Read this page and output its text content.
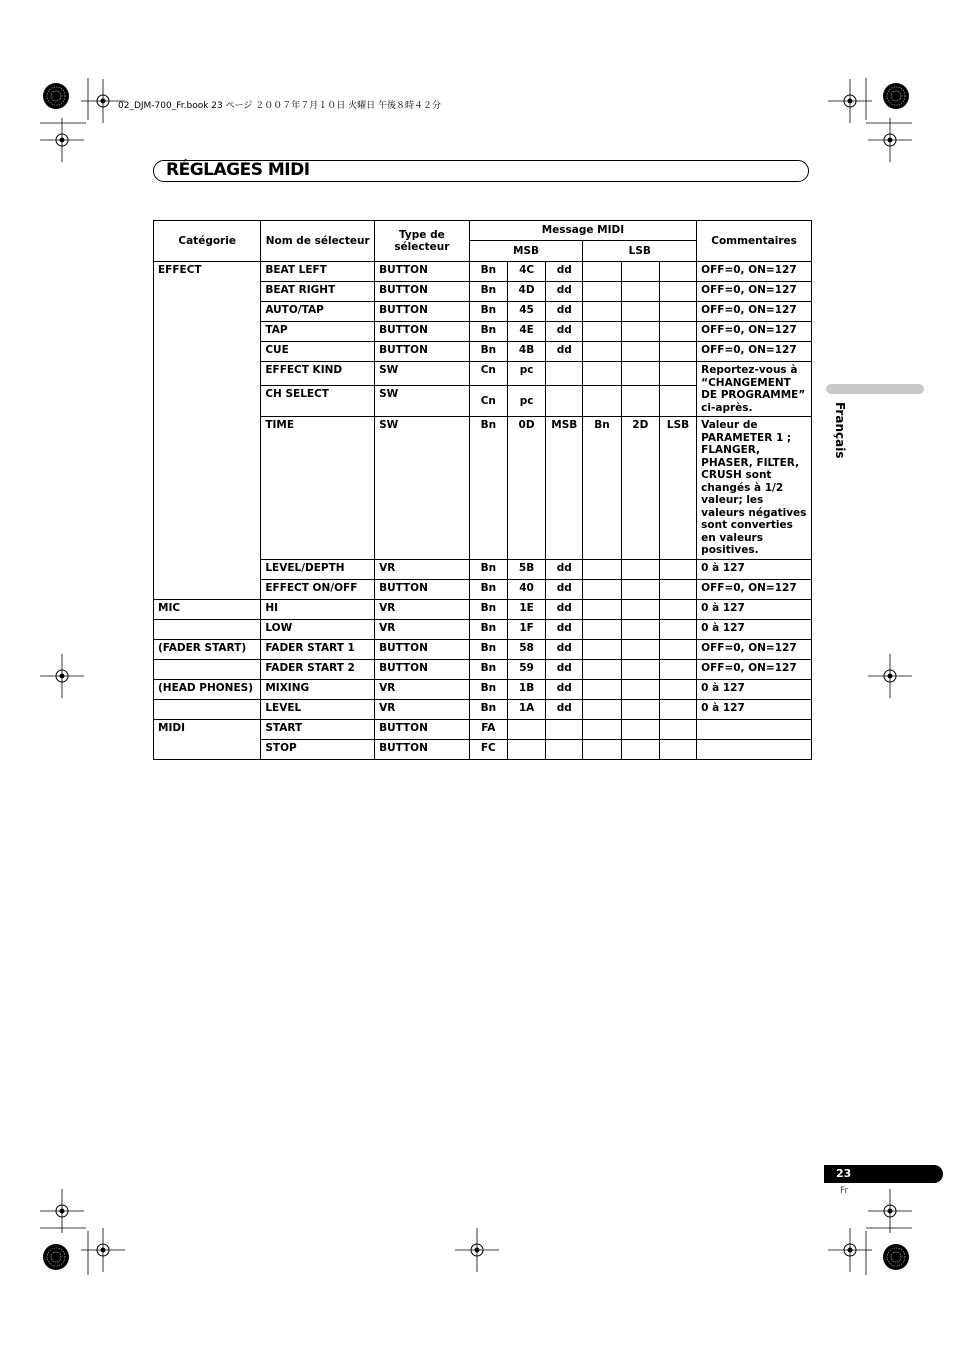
02_DJM-700_Fr.book 23 ページ ２００７年７月１０日 火曜日 午後８時４２分
RÉGLAGES MIDI
Français
Catégorie	Nom de sélecteur	Type de sélecteur	Message MIDI						Commentaires
			MSB			LSB			
EFFECT	BEAT LEFT	BUTTON	Bn	4C	dd				OFF=0, ON=127
	BEAT RIGHT	BUTTON	Bn	4D	dd				OFF=0, ON=127
	AUTO/TAP	BUTTON	Bn	45	dd				OFF=0, ON=127
	TAP	BUTTON	Bn	4E	dd				OFF=0, ON=127
	CUE	BUTTON	Bn	4B	dd				OFF=0, ON=127
	EFFECT KIND	SW	Cn	pc					Reportez-vous à “CHANGEMENT DE PROGRAMME” ci-après.
	CH SELECT	SW	Cn	pc					
	TIME	SW	Bn	0D	MSB	Bn	2D	LSB	Valeur de PARAMETER 1 ; FLANGER, PHASER, FILTER, CRUSH sont changés à 1/2 valeur; les valeurs négatives sont converties en valeurs positives.
	LEVEL/DEPTH	VR	Bn	5B	dd				0 à 127
	EFFECT ON/OFF	BUTTON	Bn	40	dd				OFF=0, ON=127
MIC	HI	VR	Bn	1E	dd				0 à 127
	LOW	VR	Bn	1F	dd				0 à 127
(FADER START)	FADER START 1	BUTTON	Bn	58	dd				OFF=0, ON=127
	FADER START 2	BUTTON	Bn	59	dd				OFF=0, ON=127
(HEAD PHONES)	MIXING	VR	Bn	1B	dd				0 à 127
	LEVEL	VR	Bn	1A	dd				0 à 127
MIDI	START	BUTTON	FA						
	STOP	BUTTON	FC						
23
Fr
